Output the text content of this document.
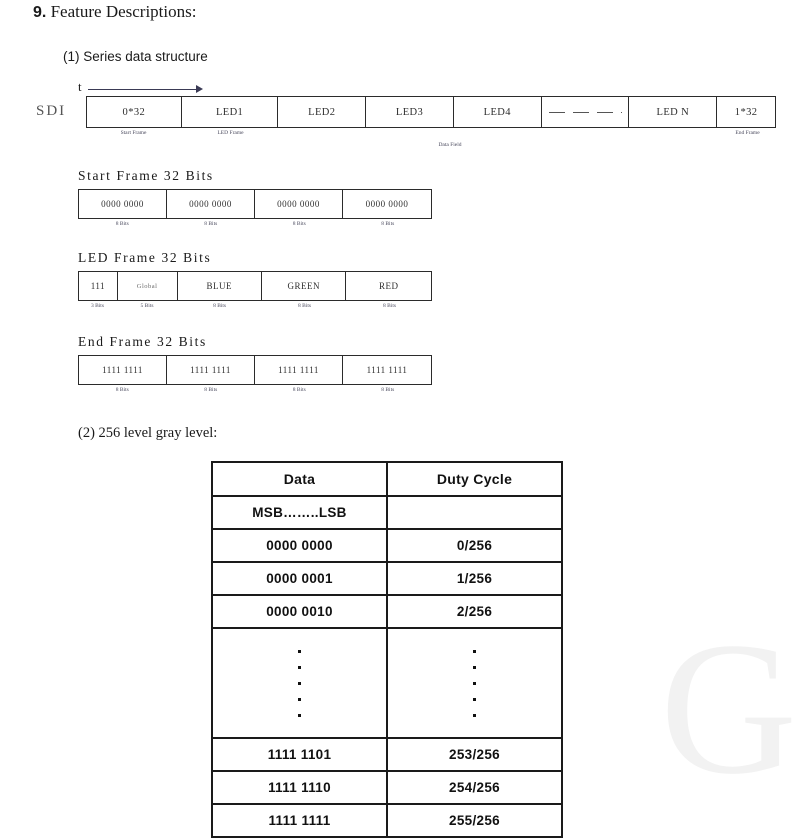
G
9. Feature Descriptions:
(1) Series data structure
SDI
t
0*32	LED1	LED2	LED3	LED4	LED N	1*32
Start Frame	LED Frame
Data Field
End Frame
Start Frame 32 Bits
0000 0000	0000 0000	0000 0000	0000 0000
8 Bits	8 Bits	8 Bits	8 Bits
LED Frame 32 Bits
111	Global	BLUE	GREEN	RED
3 Bits	5 Bits	8 Bits	8 Bits	8 Bits
End Frame 32 Bits
1111 1111	1111 1111	1111 1111	1111 1111
8 Bits	8 Bits	8 Bits	8 Bits
(2) 256 level gray level:
Data	Duty Cycle
MSB……..LSB	
0000 0000	0/256
0000 0001	1/256
0000 0010	2/256

1111 1101	253/256
1111 1110	254/256
1111 1111	255/256
